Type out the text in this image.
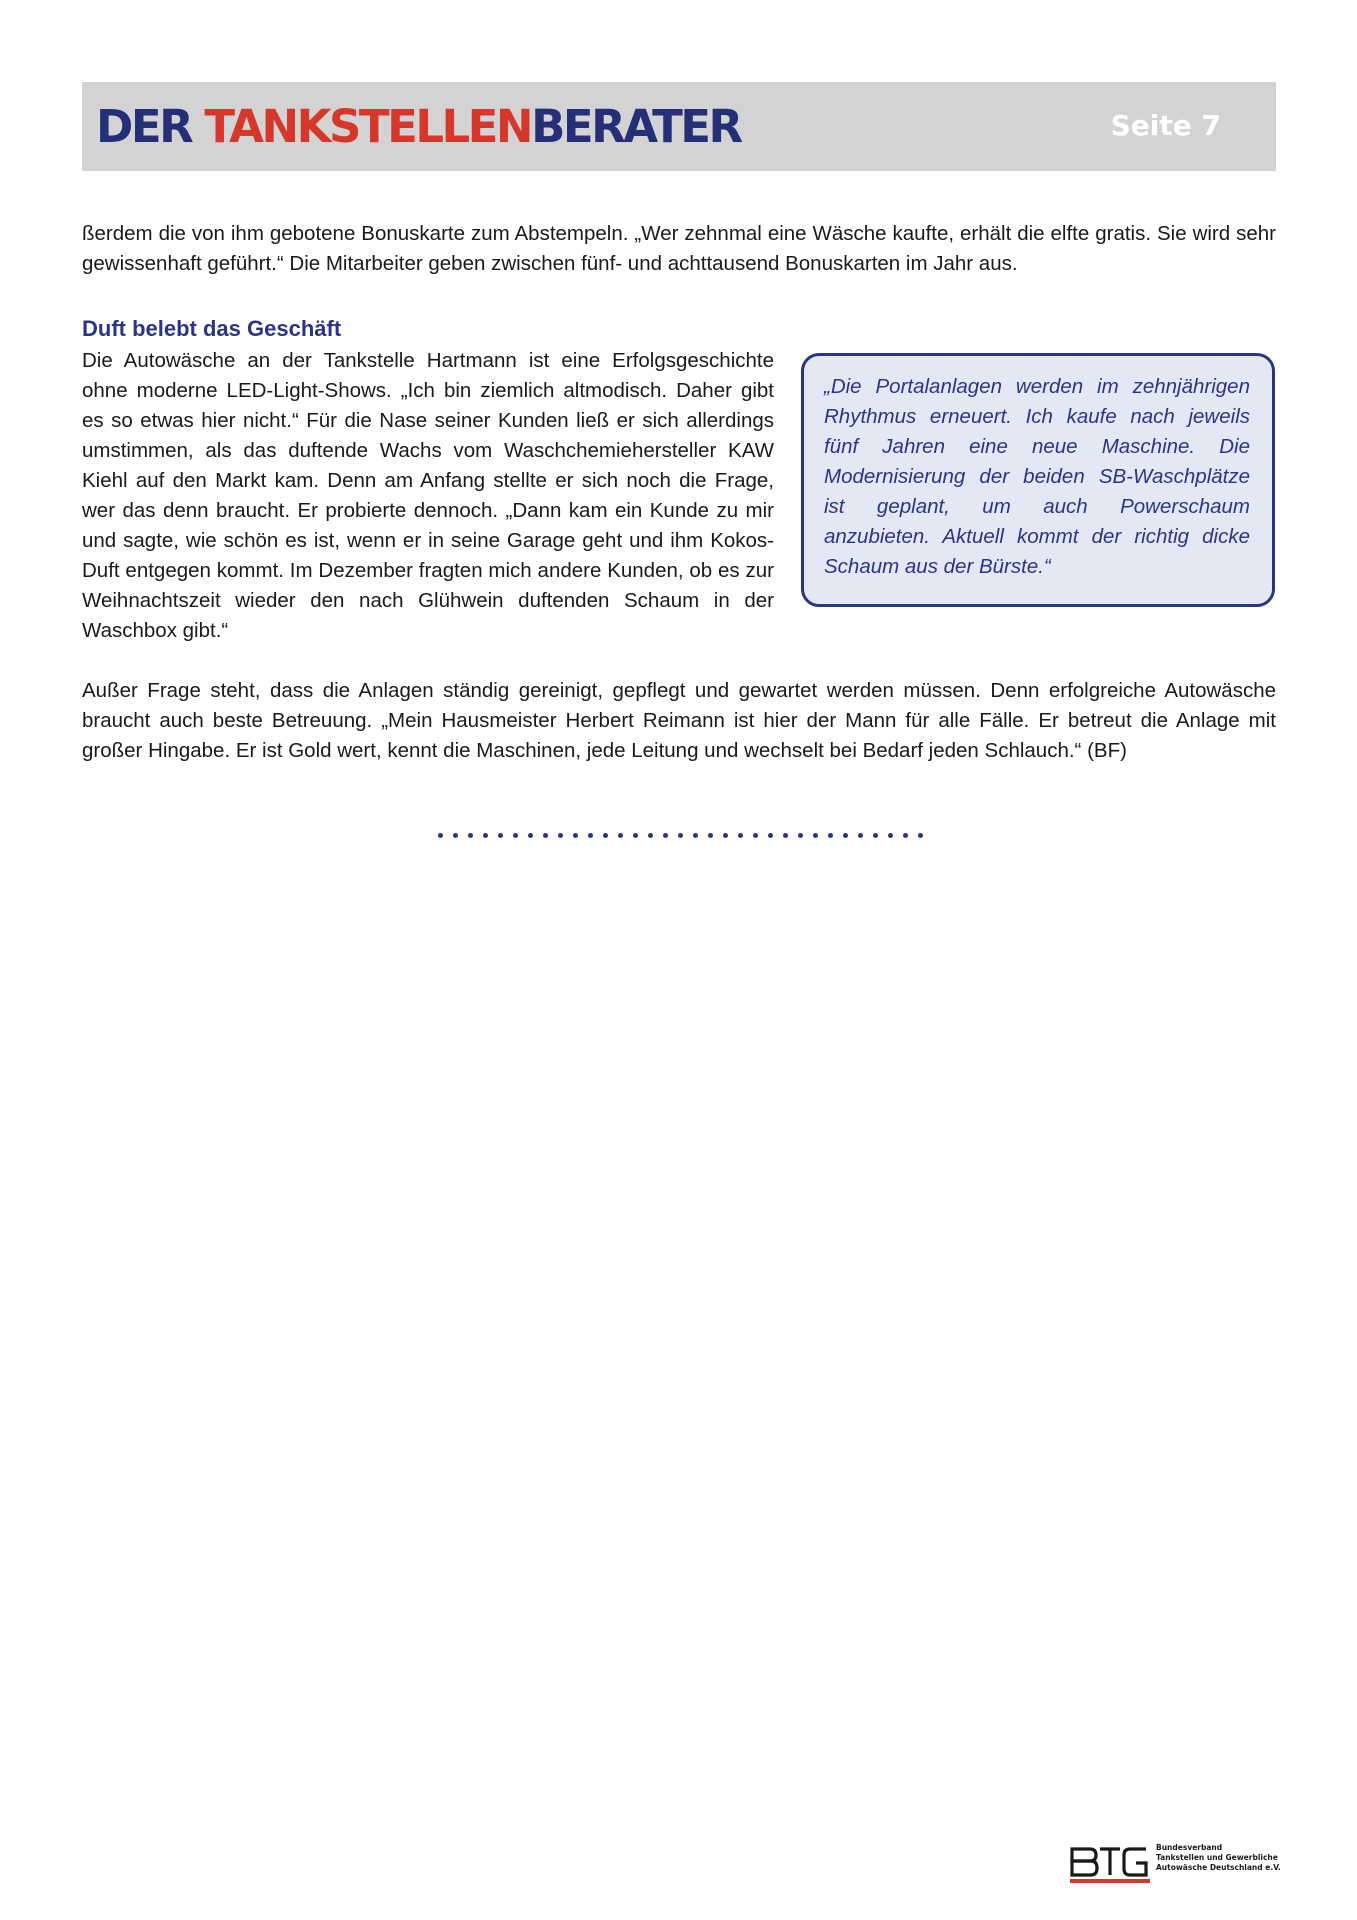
DER TANKSTELLENBERATER	Seite 7

ßerdem die von ihm gebotene Bonuskarte zum Abstempeln. „Wer zehnmal eine Wäsche kaufte, erhält die elfte gratis. Sie wird sehr gewissenhaft geführt.“ Die Mitarbeiter geben zwischen fünf- und achttausend Bonuskarten im Jahr aus.

Duft belebt das Geschäft

Die Autowäsche an der Tankstelle Hartmann ist eine Erfolgsgeschichte ohne moderne LED-Light-Shows. „Ich bin ziemlich altmodisch. Daher gibt es so etwas hier nicht.“ Für die Nase seiner Kunden ließ er sich allerdings umstimmen, als das duftende Wachs vom Waschchemiehersteller KAW Kiehl auf den Markt kam. Denn am Anfang stellte er sich noch die Frage, wer das denn braucht. Er probierte dennoch. „Dann kam ein Kunde zu mir und sagte, wie schön es ist, wenn er in seine Garage geht und ihm Kokos-Duft entgegen kommt. Im Dezember fragten mich andere Kunden, ob es zur Weihnachtszeit wieder den nach Glühwein duftenden Schaum in der Waschbox gibt.“

„Die Portalanlagen werden im zehnjährigen Rhythmus erneuert. Ich kaufe nach jeweils fünf Jahren eine neue Maschine. Die Modernisierung der beiden SB-Waschplätze ist geplant, um auch Powerschaum anzubieten. Aktuell kommt der richtig dicke Schaum aus der Bürste.“

Außer Frage steht, dass die Anlagen ständig gereinigt, gepflegt und gewartet werden müssen. Denn erfolgreiche Autowäsche braucht auch beste Betreuung. „Mein Hausmeister Herbert Reimann ist hier der Mann für alle Fälle. Er betreut die Anlage mit großer Hingabe. Er ist Gold wert, kennt die Maschinen, jede Leitung und wechselt bei Bedarf jeden Schlauch.“ (BF)

Bundesverband
Tankstellen und Gewerbliche
Autowäsche Deutschland e.V.
